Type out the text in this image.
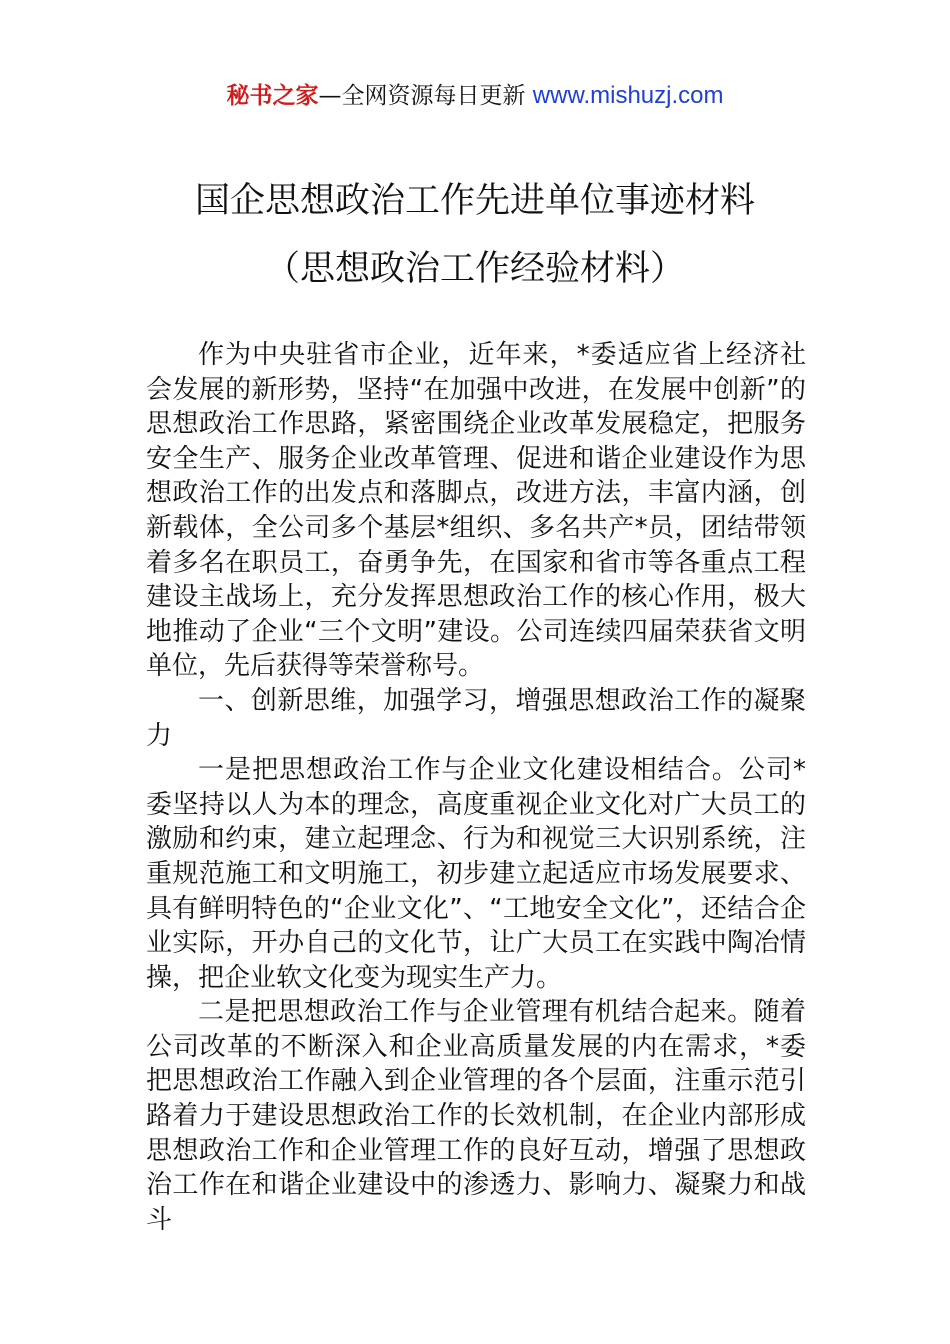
秘书之家—全网资源每日更新 www.mishuzj.com
国企思想政治工作先进单位事迹材料
（思想政治工作经验材料）

作为中央驻省市企业，近年来，*委适应省上经济社会发展的新形势，坚持“在加强中改进，在发展中创新”的思想政治工作思路，紧密围绕企业改革发展稳定，把服务安全生产、服务企业改革管理、促进和谐企业建设作为思想政治工作的出发点和落脚点，改进方法，丰富内涵，创新载体，全公司多个基层*组织、多名共产*员，团结带领着多名在职员工，奋勇争先，在国家和省市等各重点工程建设主战场上，充分发挥思想政治工作的核心作用，极大地推动了企业“三个文明”建设。公司连续四届荣获省文明单位，先后获得等荣誉称号。

一、创新思维，加强学习，增强思想政治工作的凝聚力

一是把思想政治工作与企业文化建设相结合。公司*委坚持以人为本的理念，高度重视企业文化对广大员工的激励和约束，建立起理念、行为和视觉三大识别系统，注重规范施工和文明施工，初步建立起适应市场发展要求、具有鲜明特色的“企业文化”、“工地安全文化”，还结合企业实际，开办自己的文化节，让广大员工在实践中陶冶情操，把企业软文化变为现实生产力。

二是把思想政治工作与企业管理有机结合起来。随着公司改革的不断深入和企业高质量发展的内在需求，*委把思想政治工作融入到企业管理的各个层面，注重示范引路着力于建设思想政治工作的长效机制，在企业内部形成思想政治工作和企业管理工作的良好互动，增强了思想政治工作在和谐企业建设中的渗透力、影响力、凝聚力和战斗
